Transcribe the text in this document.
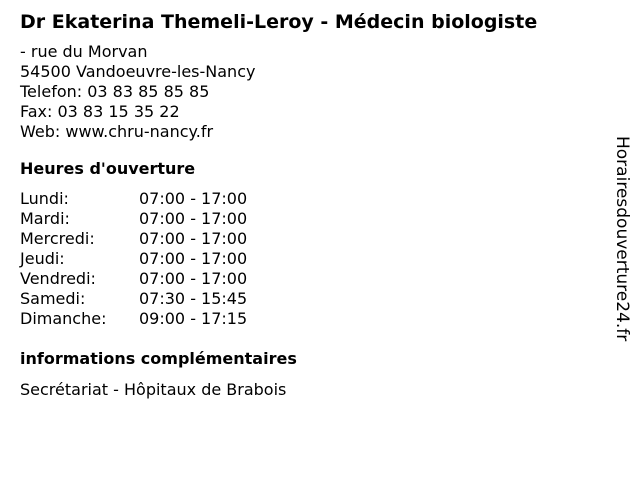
Dr Ekaterina Themeli-Leroy - Médecin biologiste
- rue du Morvan
54500 Vandoeuvre-les-Nancy
Telefon: 03 83 85 85 85
Fax: 03 83 15 35 22
Web: www.chru-nancy.fr
Heures d'ouverture
Lundi:	07:00 - 17:00
Mardi:	07:00 - 17:00
Mercredi:	07:00 - 17:00
Jeudi:	07:00 - 17:00
Vendredi:	07:00 - 17:00
Samedi:	07:30 - 15:45
Dimanche:	09:00 - 17:15
informations complémentaires
Secrétariat - Hôpitaux de Brabois
Horairesdouverture24.fr
